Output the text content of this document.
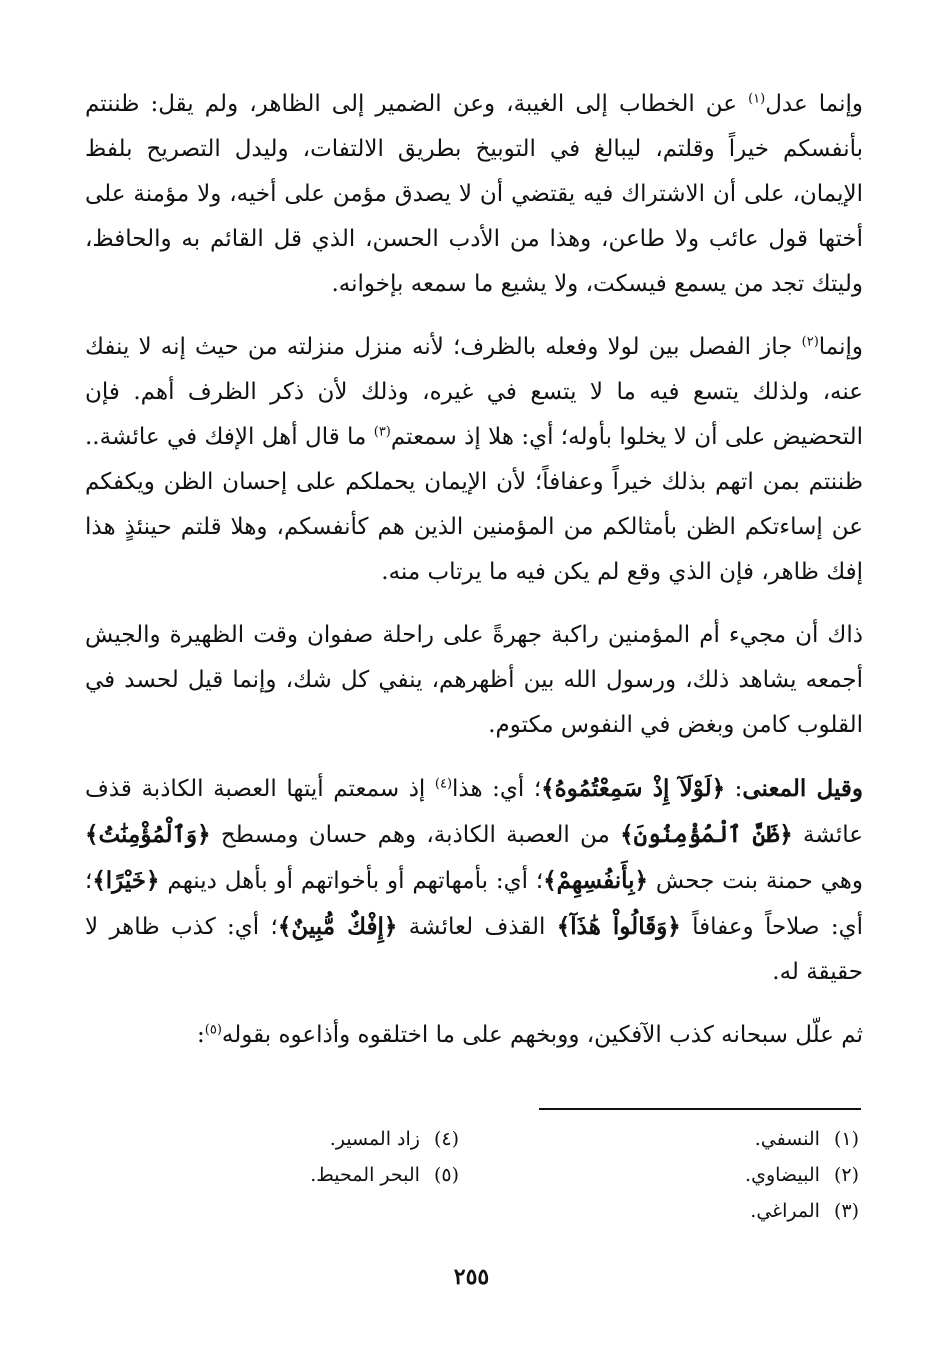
وإنما عدل$^{(١)}$ عن الخطاب إلى الغيبة، وعن الضمير إلى الظاهر، ولم يقل: ظننتم بأنفسكم خيراً وقلتم، ليبالغ في التوبيخ بطريق الالتفات، وليدل التصريح بلفظ الإيمان، على أن الاشتراك فيه يقتضي أن لا يصدق مؤمن على أخيه، ولا مؤمنة على أختها قول عائب ولا طاعن، وهذا من الأدب الحسن، الذي قل القائم به والحافظ، وليتك تجد من يسمع فيسكت، ولا يشيع ما سمعه بإخوانه.

وإنما$^{(٢)}$ جاز الفصل بين لولا وفعله بالظرف؛ لأنه منزل منزلته من حيث إنه لا ينفك عنه، ولذلك يتسع فيه ما لا يتسع في غيره، وذلك لأن ذكر الظرف أهم. فإن التحضيض على أن لا يخلوا بأوله؛ أي: هلا إذ سمعتم$^{(٣)}$ ما قال أهل الإفك في عائشة.. ظننتم بمن اتهم بذلك خيراً وعفافاً؛ لأن الإيمان يحملكم على إحسان الظن ويكفكم عن إساءتكم الظن بأمثالكم من المؤمنين الذين هم كأنفسكم، وهلا قلتم حينئذٍ هذا إفك ظاهر، فإن الذي وقع لم يكن فيه ما يرتاب منه.

ذاك أن مجيء أم المؤمنين راكبة جهرةً على راحلة صفوان وقت الظهيرة والجيش أجمعه يشاهد ذلك، ورسول الله بين أظهرهم، ينفي كل شك، وإنما قيل لحسد في القلوب كامن وبغض في النفوس مكتوم.

وقيل المعنى: ﴿لَوْلَآ إِذْ سَمِعْتُمُوهُ﴾؛ أي: هذا$^{(٤)}$ إذ سمعتم أيتها العصبة الكاذبة قذف عائشة ﴿ظَنَّ ٱلْمُؤْمِنُونَ﴾ من العصبة الكاذبة، وهم حسان ومسطح ﴿وَٱلْمُؤْمِنَٰتُ﴾ وهي حمنة بنت جحش ﴿بِأَنفُسِهِمْ﴾؛ أي: بأمهاتهم أو بأخواتهم أو بأهل دينهم ﴿خَيْرًا﴾؛ أي: صلاحاً وعفافاً ﴿وَقَالُواْ هَٰذَآ﴾ القذف لعائشة ﴿إِفْكٌ مُّبِينٌ﴾؛ أي: كذب ظاهر لا حقيقة له.

ثم علّل سبحانه كذب الآفكين، ووبخهم على ما اختلقوه وأذاعوه بقوله$^{(٥)}$:

(١)النسفي.
(٢)البيضاوي.
(٣)المراغي.
(٤)زاد المسير.
(٥)البحر المحيط.
٢٥٥
